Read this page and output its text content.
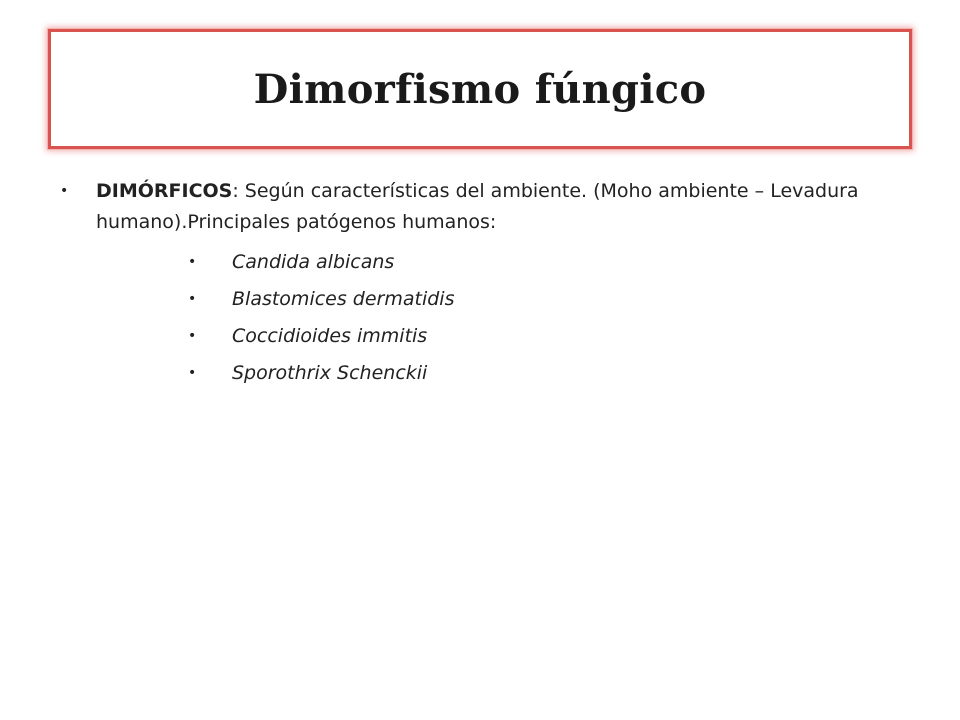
Dimorfismo fúngico
•	DIMÓRFICOS: Según características del ambiente. (Moho ambiente – Levadura humano).Principales patógenos humanos:
•	Candida albicans
•	Blastomices dermatidis
•	Coccidioides immitis
•	Sporothrix Schenckii
